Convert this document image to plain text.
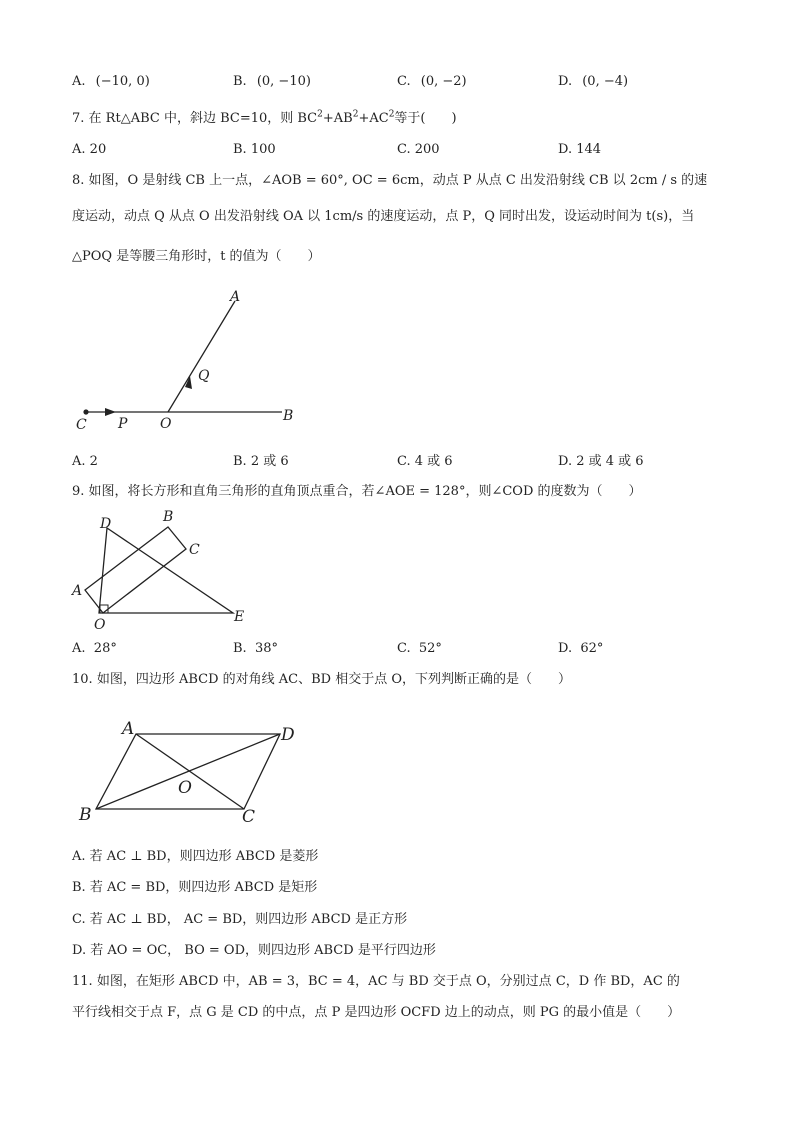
A. (−10, 0)	B. (0, −10)	C. (0, −2)	D. (0, −4)
7. 在 Rt△ABC 中，斜边 BC=10，则 $BC^2+AB^2+AC^2$等于(　　)
A. 20	B. 100	C. 200	D. 144
8. 如图，O 是射线 CB 上一点，∠AOB = 60°, OC = 6cm，动点 P 从点 C 出发沿射线 CB 以 2cm / s 的速
度运动，动点 Q 从点 O 出发沿射线 OA 以 1cm/s 的速度运动，点 P，Q 同时出发，设运动时间为 t(s)，当
△POQ 是等腰三角形时，t 的值为（　　）
A
Q
B
C P O
A. 2	B. 2 或 6	C. 4 或 6	D. 2 或 4 或 6
9. 如图，将长方形和直角三角形的直角顶点重合，若∠AOE = 128°，则∠COD 的度数为（　　）
D	B
C
A
E
O
A. 28°	B. 38°	C. 52°	D. 62°
10. 如图，四边形 ABCD 的对角线 AC、BD 相交于点 O，下列判断正确的是（　　）
A	D
O
B	C
A. 若 AC ⊥ BD，则四边形 ABCD 是菱形
B. 若 AC = BD，则四边形 ABCD 是矩形
C. 若 AC ⊥ BD， AC = BD，则四边形 ABCD 是正方形
D. 若 AO = OC， BO = OD，则四边形 ABCD 是平行四边形
11. 如图，在矩形 ABCD 中，AB = 3，BC = 4，AC 与 BD 交于点 O，分别过点 C，D 作 BD，AC 的
平行线相交于点 F，点 G 是 CD 的中点，点 P 是四边形 OCFD 边上的动点，则 PG 的最小值是（　　）
